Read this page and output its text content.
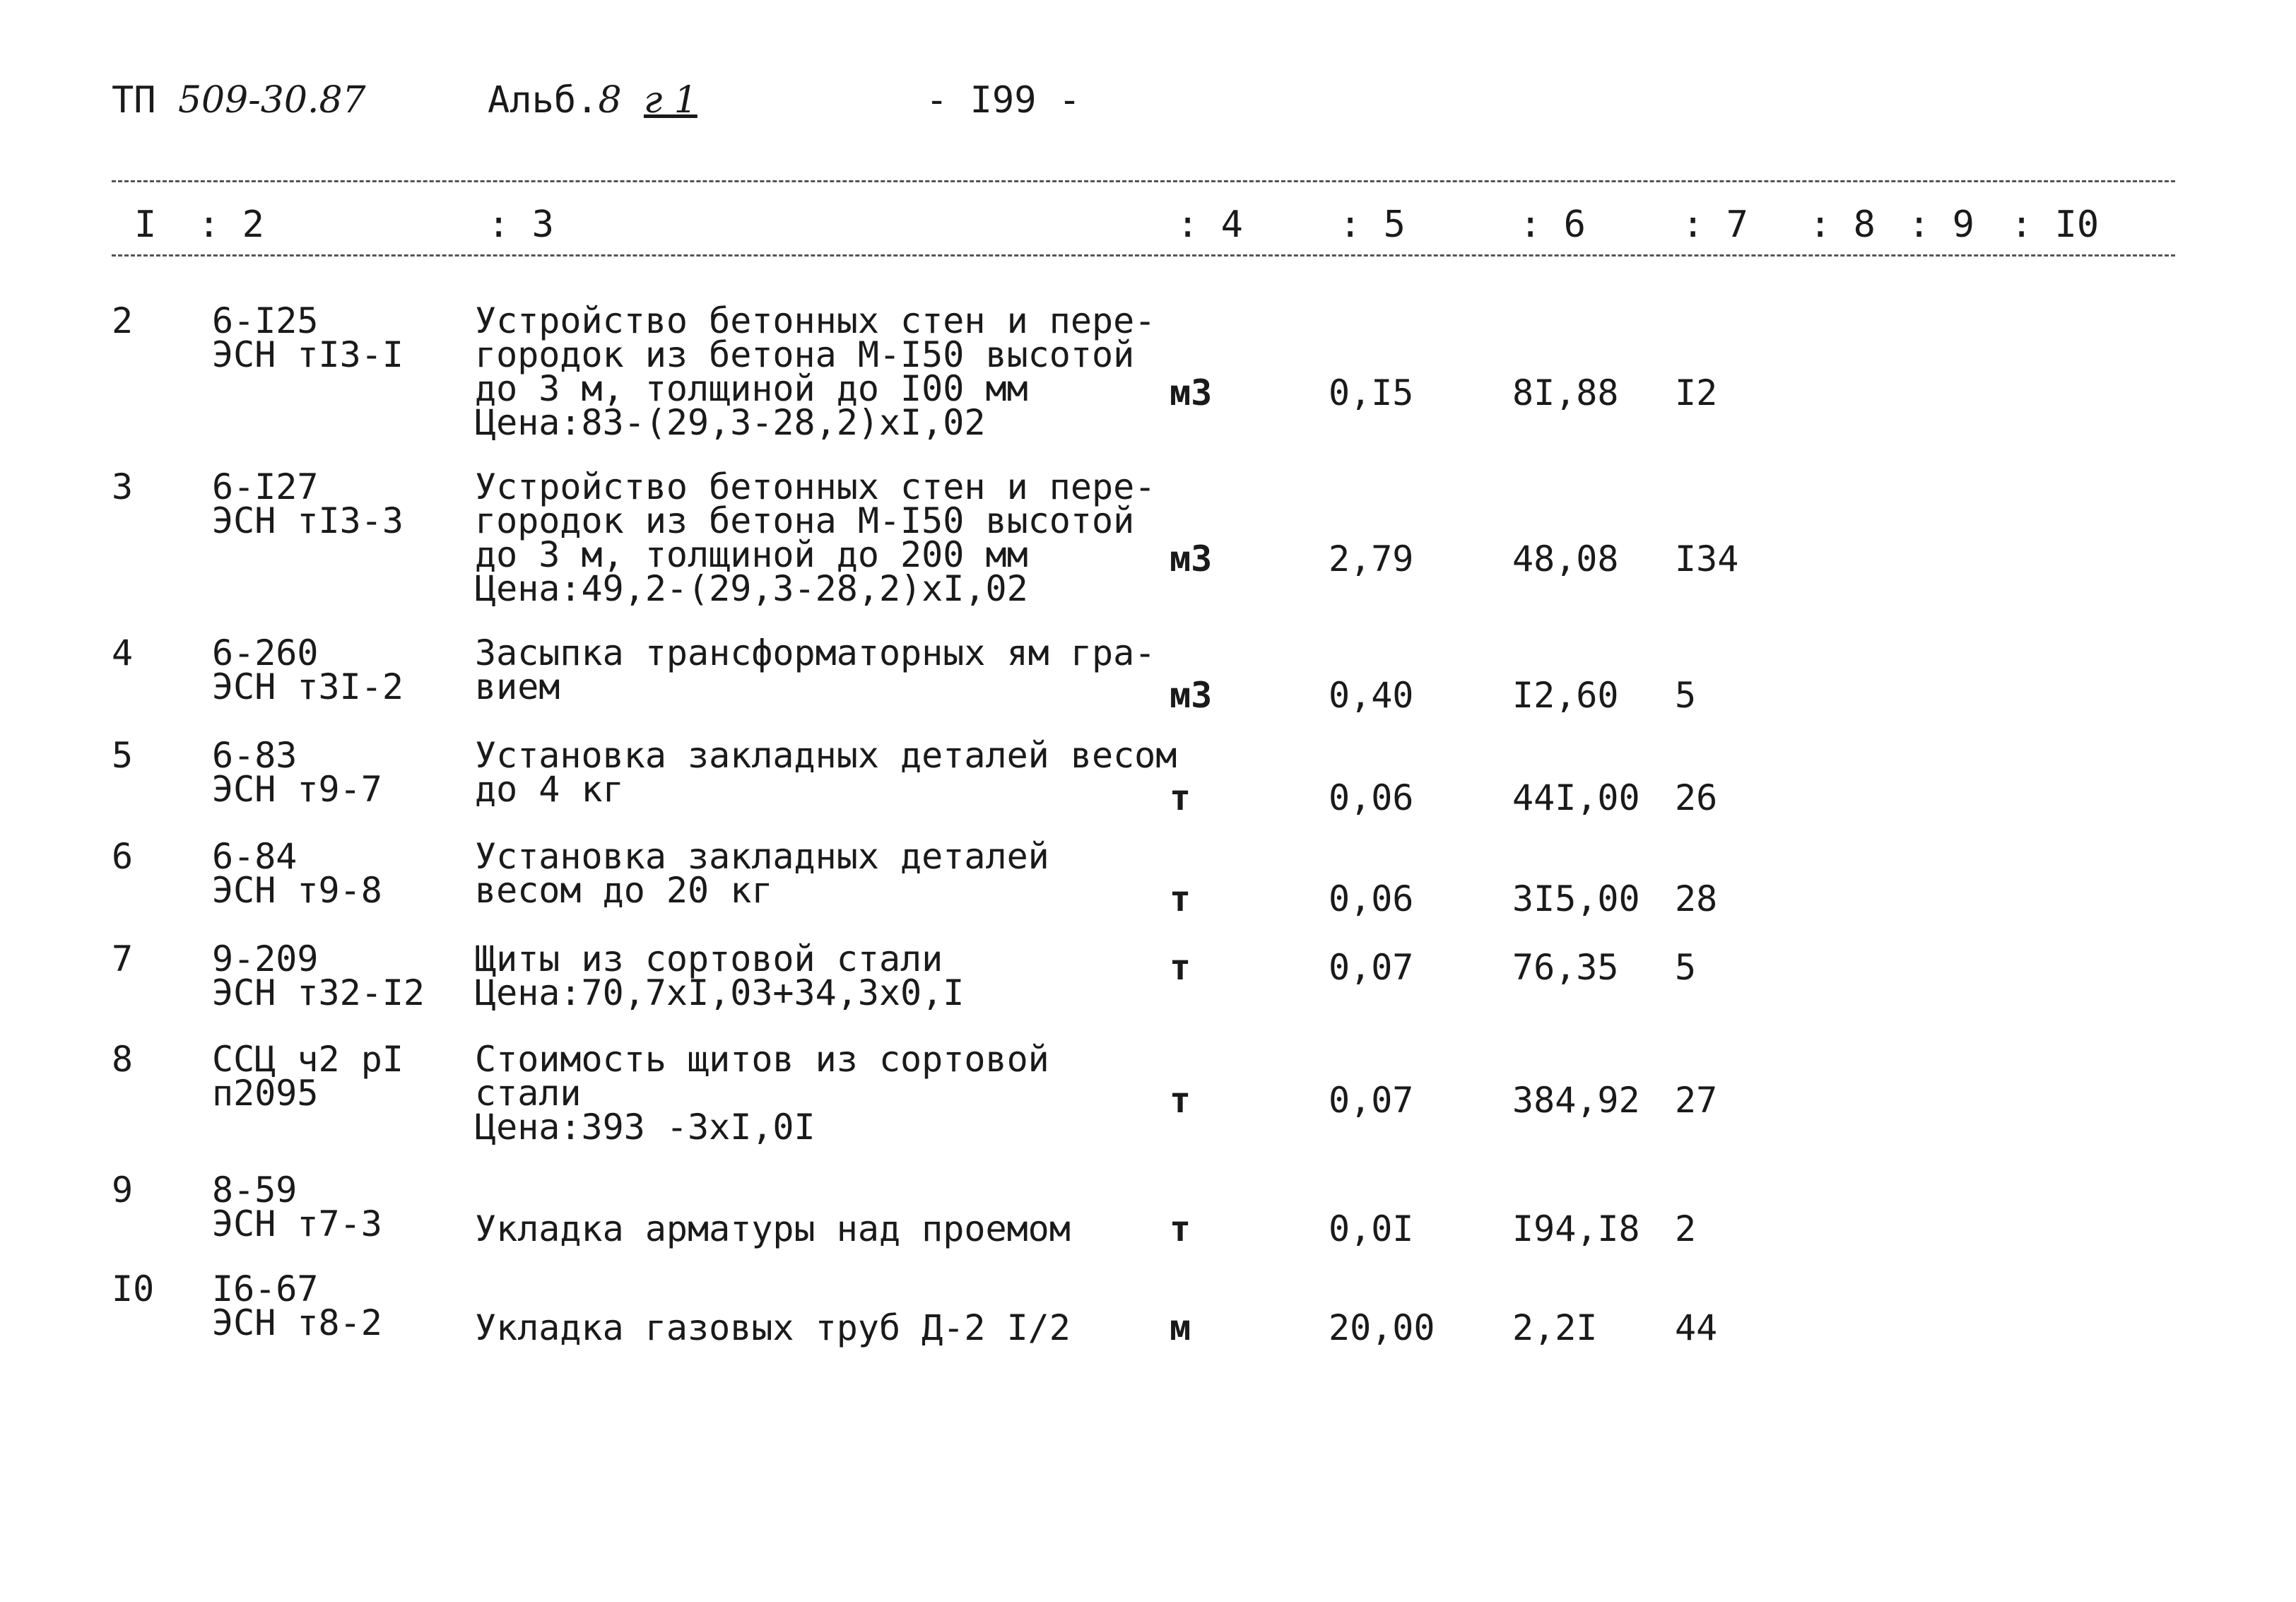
ТП 509-30.87	Альб.8 г 1	- I99 -
I : 2	: 3	: 4	: 5	: 6	: 7 : 8 : 9 : I0
2 6-I25
ЭСН тI3-I
Устройство бетонных стен и пере-
городок из бетона М-I50 высотой
до 3 м, толщиной до I00 мм
Цена:83-(29,3-28,2)xI,02
м3	0,I5	8I,88 I2
3 6-I27
ЭСН тI3-3
Устройство бетонных стен и пере-
городок из бетона М-I50 высотой
до 3 м, толщиной до 200 мм
Цена:49,2-(29,3-28,2)xI,02
м3	2,79	48,08 I34
4 6-260
ЭСН т3I-2
Засыпка трансформаторных ям гра-
вием	м3	0,40	I2,60 5
5 6-83
ЭСН т9-7
Установка закладных деталей весом
до 4 кг	т	0,06	44I,00 26
6 6-84
ЭСН т9-8
Установка закладных деталей
весом до 20 кг	т	0,06	3I5,00 28
7 9-209
ЭСН т32-I2
Щиты из сортовой стали
Цена:70,7xI,03+34,3x0,I
т	0,07	76,35 5
8 ССЦ ч2 рI
п2095
Стоимость щитов из сортовой
стали
Цена:393 -3xI,0I
т	0,07	384,92 27
9 8-59
ЭСН т7-3	Укладка арматуры над проемом	т	0,0I	I94,I8 2
I0 I6-67
ЭСН т8-2	Укладка газовых труб Д-2 I/2	м	20,00 2,2I 44
